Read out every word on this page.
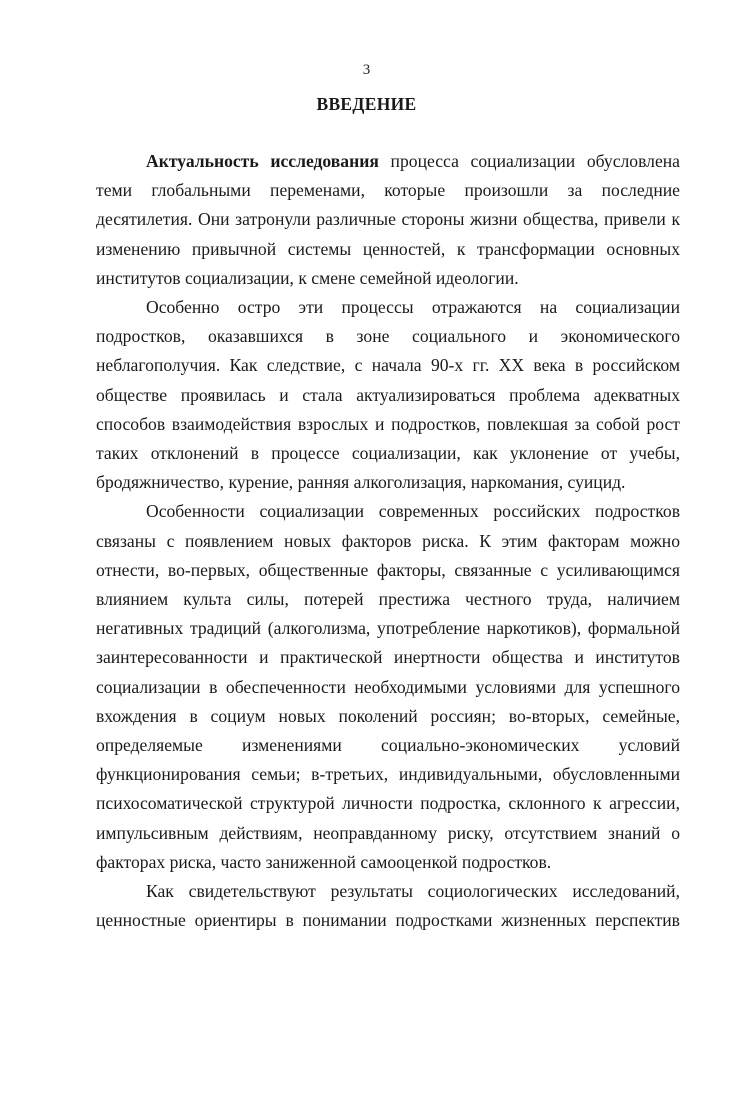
3
ВВЕДЕНИЕ

Актуальность исследования процесса социализации обусловлена теми глобальными переменами, которые произошли за последние десятилетия. Они затронули различные стороны жизни общества, привели к изменению привычной системы ценностей, к трансформации основных институтов социализации, к смене семейной идеологии.

Особенно остро эти процессы отражаются на социализации подростков, оказавшихся в зоне социального и экономического неблагополучия. Как следствие, с начала 90-х гг. XX века в российском обществе проявилась и стала актуализироваться проблема адекватных способов взаимодействия взрослых и подростков, повлекшая за собой рост таких отклонений в процессе социализации, как уклонение от учебы, бродяжничество, курение, ранняя алкоголизация, наркомания, суицид.

Особенности социализации современных российских подростков связаны с появлением новых факторов риска. К этим факторам можно отнести, во-первых, общественные факторы, связанные с усиливающимся влиянием культа силы, потерей престижа честного труда, наличием негативных традиций (алкоголизма, употребление наркотиков), формальной заинтересованности и практической инертности общества и институтов социализации в обеспеченности необходимыми условиями для успешного вхождения в социум новых поколений россиян; во-вторых, семейные, определяемые изменениями социально-экономических условий функционирования семьи; в-третьих, индивидуальными, обусловленными психосоматической структурой личности подростка, склонного к агрессии, импульсивным действиям, неоправданному риску, отсутствием знаний о факторах риска, часто заниженной самооценкой подростков.

Как свидетельствуют результаты социологических исследований, ценностные ориентиры в понимании подростками жизненных перспектив
